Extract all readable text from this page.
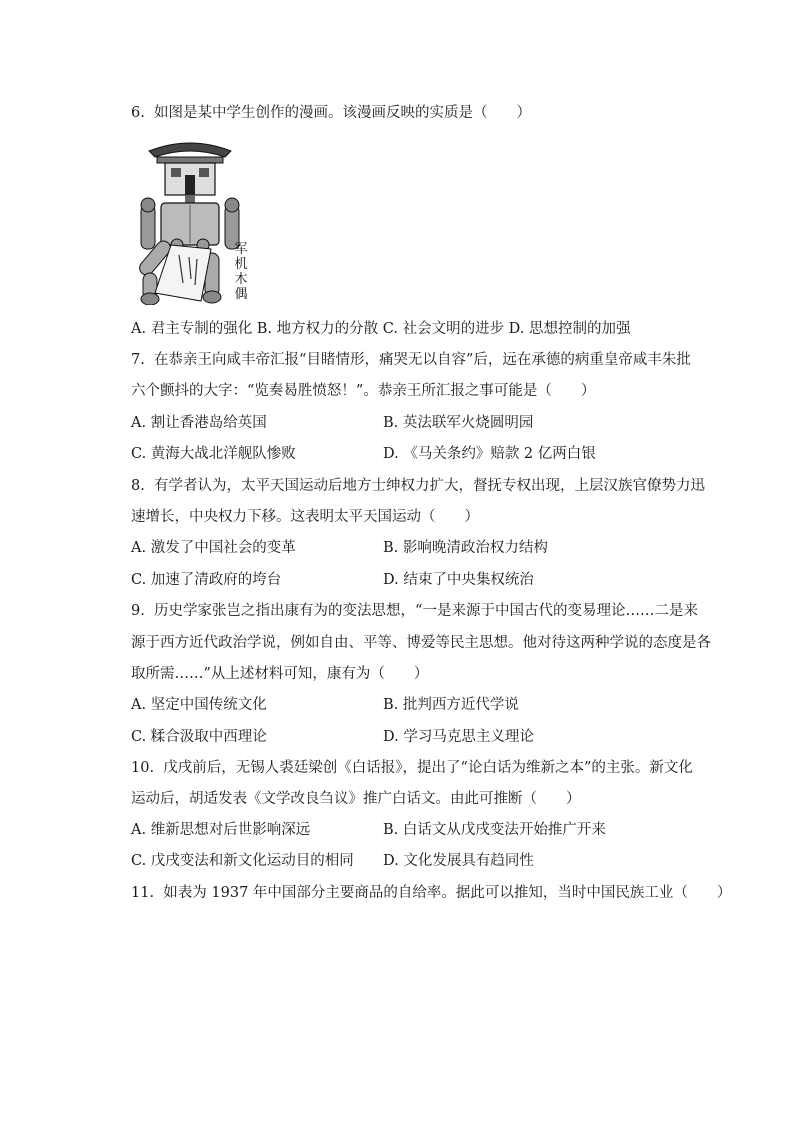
6.  如图是某中学生创作的漫画。该漫画反映的实质是（　　）
军
机
木
偶
A. 君主专制的强化 B. 地方权力的分散 C. 社会文明的进步 D. 思想控制的加强
7.  在恭亲王向咸丰帝汇报“目睹情形，痛哭无以自容”后，远在承德的病重皇帝咸丰朱批
六个颤抖的大字：“览奏曷胜愤怒！”。恭亲王所汇报之事可能是（　　）
A. 割让香港岛给英国	B. 英法联军火烧圆明园
C. 黄海大战北洋舰队惨败	D. 《马关条约》赔款 2 亿两白银
8.  有学者认为，太平天国运动后地方士绅权力扩大，督抚专权出现，上层汉族官僚势力迅
速增长，中央权力下移。这表明太平天国运动（　　）
A. 激发了中国社会的变革	B. 影响晚清政治权力结构
C. 加速了清政府的垮台	D. 结束了中央集权统治
9.  历史学家张岂之指出康有为的变法思想，“一是来源于中国古代的变易理论……二是来
源于西方近代政治学说，例如自由、平等、博爱等民主思想。他对待这两种学说的态度是各
取所需……”从上述材料可知，康有为（　　）
A. 坚定中国传统文化	B. 批判西方近代学说
C. 糅合汲取中西理论	D. 学习马克思主义理论
10.  戊戌前后，无锡人裘廷梁创《白话报》，提出了“论白话为维新之本”的主张。新文化
运动后，胡适发表《文学改良刍议》推广白话文。由此可推断（　　）
A. 维新思想对后世影响深远	B. 白话文从戊戌变法开始推广开来
C. 戊戌变法和新文化运动目的相同 D. 文化发展具有趋同性
11.  如表为 1937 年中国部分主要商品的自给率。据此可以推知，当时中国民族工业（　　）
